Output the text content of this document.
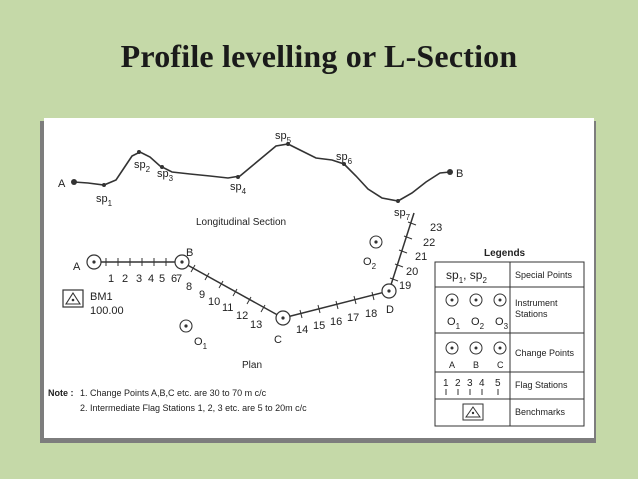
Profile levelling or L-Section
A
B
$sp_1$
$sp_2$ $sp_3$
$sp_4$
$sp_5$
$sp_6$
$sp_7$
Longitudinal Section
A
B
C
D
1 2 3 4 5 6
7
8
9
10 11
12
13	14 15 16 17 18
19
20
21
22
23
$O_1$
$O_2$
BM1
100.00
Plan
Legends
$sp_1$, $sp_2$
Special Points
$O_1$ $O_2$ $O_3$
Instrument
Stations
A B C
Change Points
1 2 3 4 5 Flag Stations
Benchmarks
Note : 1. Change Points A,B,C etc. are 30 to 70 m c/c
2. Intermediate Flag Stations 1, 2, 3 etc. are 5 to 20m c/c
